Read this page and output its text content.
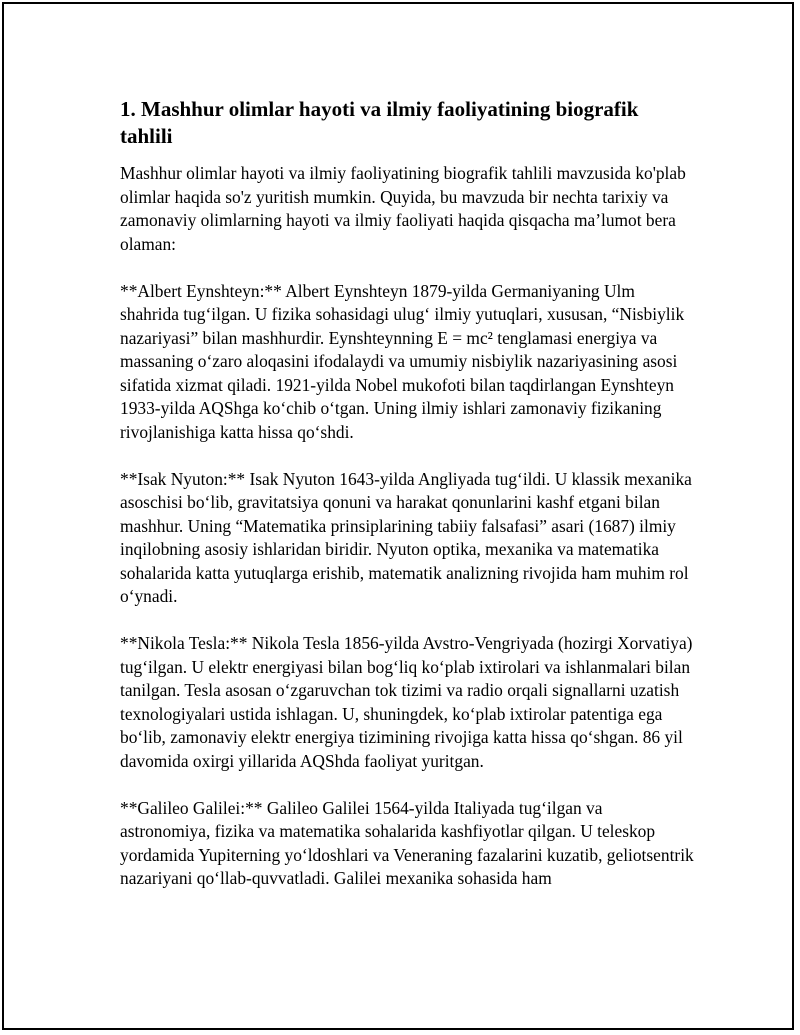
1. Mashhur olimlar hayoti va ilmiy faoliyatining biografik tahlili

Mashhur olimlar hayoti va ilmiy faoliyatining biografik tahlili mavzusida ko'plab olimlar haqida so'z yuritish mumkin. Quyida, bu mavzuda bir nechta tarixiy va zamonaviy olimlarning hayoti va ilmiy faoliyati haqida qisqacha ma’lumot bera olaman:

**Albert Eynshteyn:** Albert Eynshteyn 1879-yilda Germaniyaning Ulm shahrida tug‘ilgan. U fizika sohasidagi ulug‘ ilmiy yutuqlari, xususan, “Nisbiylik nazariyasi” bilan mashhurdir. Eynshteynning E = mc² tenglamasi energiya va massaning o‘zaro aloqasini ifodalaydi va umumiy nisbiylik nazariyasining asosi sifatida xizmat qiladi. 1921-yilda Nobel mukofoti bilan taqdirlangan Eynshteyn 1933-yilda AQShga ko‘chib o‘tgan. Uning ilmiy ishlari zamonaviy fizikaning rivojlanishiga katta hissa qo‘shdi.

**Isak Nyuton:** Isak Nyuton 1643-yilda Angliyada tug‘ildi. U klassik mexanika asoschisi bo‘lib, gravitatsiya qonuni va harakat qonunlarini kashf etgani bilan mashhur. Uning “Matematika prinsiplarining tabiiy falsafasi” asari (1687) ilmiy inqilobning asosiy ishlaridan biridir. Nyuton optika, mexanika va matematika sohalarida katta yutuqlarga erishib, matematik analizning rivojida ham muhim rol o‘ynadi.

**Nikola Tesla:** Nikola Tesla 1856-yilda Avstro-Vengriyada (hozirgi Xorvatiya) tug‘ilgan. U elektr energiyasi bilan bog‘liq ko‘plab ixtirolari va ishlanmalari bilan tanilgan. Tesla asosan o‘zgaruvchan tok tizimi va radio orqali signallarni uzatish texnologiyalari ustida ishlagan. U, shuningdek, ko‘plab ixtirolar patentiga ega bo‘lib, zamonaviy elektr energiya tizimining rivojiga katta hissa qo‘shgan. 86 yil davomida oxirgi yillarida AQShda faoliyat yuritgan.

**Galileo Galilei:** Galileo Galilei 1564-yilda Italiyada tug‘ilgan va astronomiya, fizika va matematika sohalarida kashfiyotlar qilgan. U teleskop yordamida Yupiterning yo‘ldoshlari va Veneraning fazalarini kuzatib, geliotsentrik nazariyani qo‘llab-quvvatladi. Galilei mexanika sohasida ham
